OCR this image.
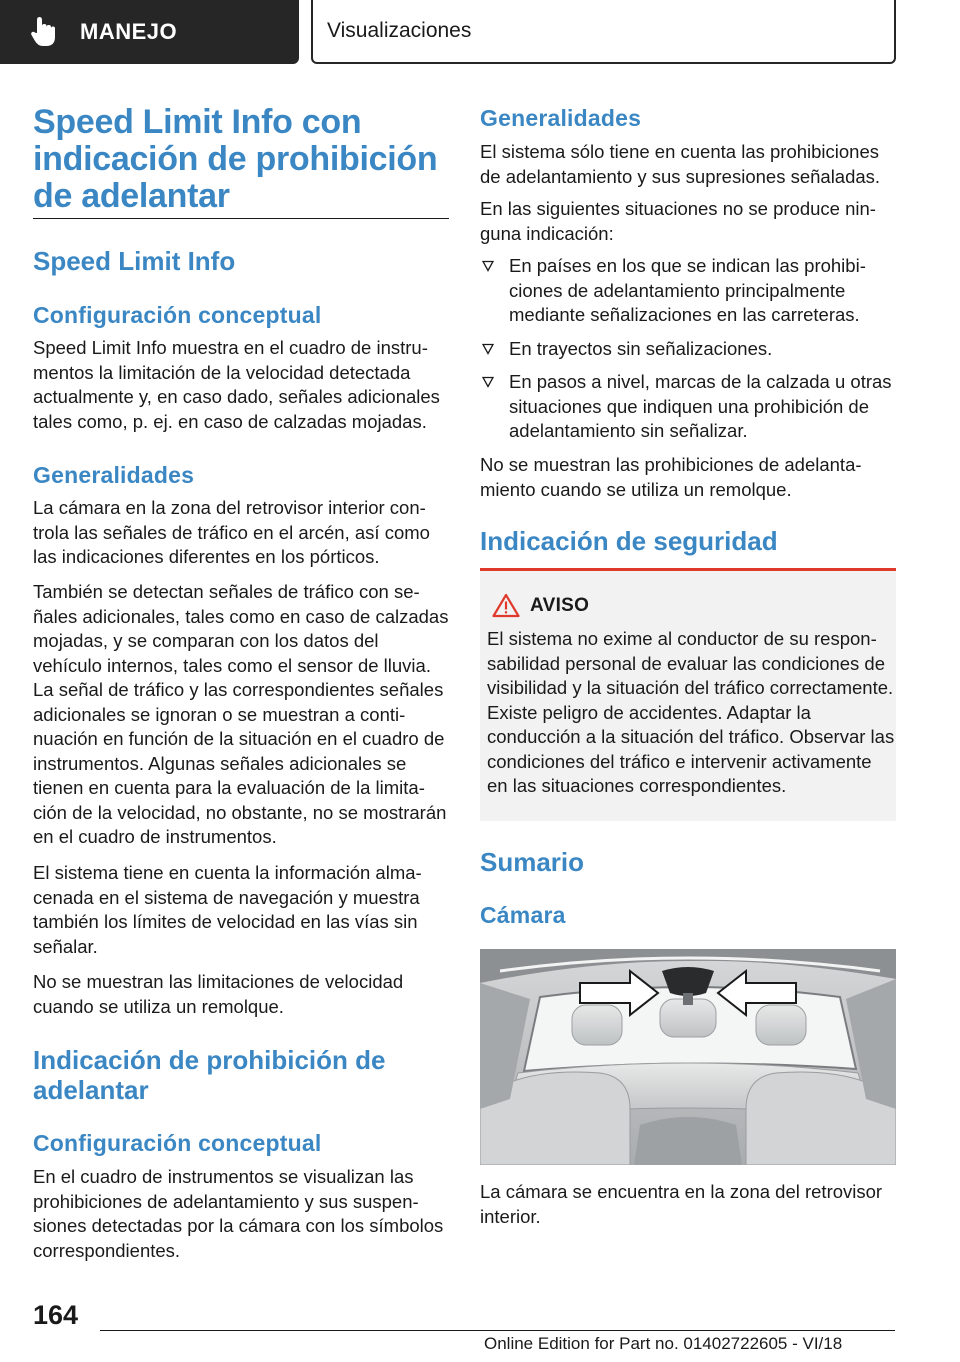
MANEJO	Visualizaciones
Speed Limit Info con indicación de prohibición de adelantar
Speed Limit Info
Configuración conceptual
Speed Limit Info muestra en el cuadro de instrumentos la limitación de la velocidad detectada actualmente y, en caso dado, señales adicionales tales como, p. ej. en caso de calzadas mojadas.
Generalidades
La cámara en la zona del retrovisor interior controla las señales de tráfico en el arcén, así como las indicaciones diferentes en los pórticos.
También se detectan señales de tráfico con señales adicionales, tales como en caso de calzadas mojadas, y se comparan con los datos del vehículo internos, tales como el sensor de lluvia. La señal de tráfico y las correspondientes señales adicionales se ignoran o se muestran a continuación en función de la situación en el cuadro de instrumentos. Algunas señales adicionales se tienen en cuenta para la evaluación de la limitación de la velocidad, no obstante, no se mostrarán en el cuadro de instrumentos.
El sistema tiene en cuenta la información almacenada en el sistema de navegación y muestra también los límites de velocidad en las vías sin señalar.
No se muestran las limitaciones de velocidad cuando se utiliza un remolque.
Indicación de prohibición de adelantar
Configuración conceptual
En el cuadro de instrumentos se visualizan las prohibiciones de adelantamiento y sus suspensiones detectadas por la cámara con los símbolos correspondientes.
Generalidades
El sistema sólo tiene en cuenta las prohibiciones de adelantamiento y sus supresiones señaladas.
En las siguientes situaciones no se produce ninguna indicación:
En países en los que se indican las prohibiciones de adelantamiento principalmente mediante señalizaciones en las carreteras.
En trayectos sin señalizaciones.
En pasos a nivel, marcas de la calzada u otras situaciones que indiquen una prohibición de adelantamiento sin señalizar.
No se muestran las prohibiciones de adelantamiento cuando se utiliza un remolque.
Indicación de seguridad
AVISO
El sistema no exime al conductor de su responsabilidad personal de evaluar las condiciones de visibilidad y la situación del tráfico correctamente. Existe peligro de accidentes. Adaptar la conducción a la situación del tráfico. Observar las condiciones del tráfico e intervenir activamente en las situaciones correspondientes.
Sumario
Cámara
La cámara se encuentra en la zona del retrovisor interior.
164
Online Edition for Part no. 01402722605 - VI/18
